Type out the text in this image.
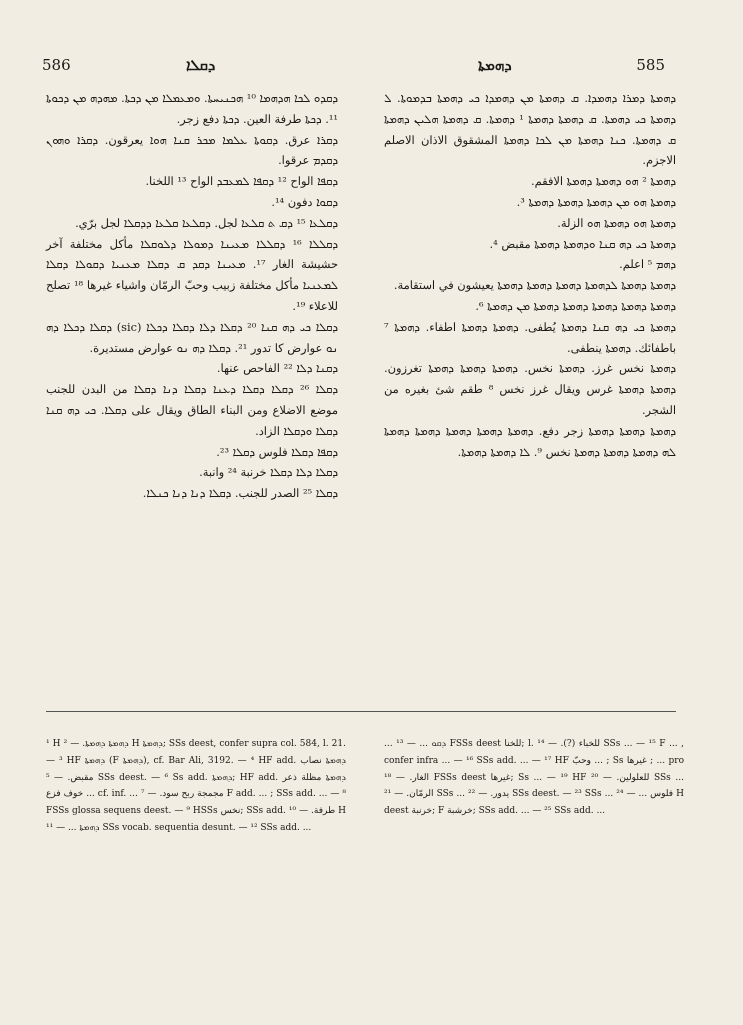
586	ܕܩܠܐ	ܕܗܡܬܐ	585

ܕܩܕܘ ܠܟܐ ܗܕܗܡܐ ¹⁰ ܗܟܢܝܚܬܐ. ܘܡܥܡܠܐ ܡܢ ܕܟܬܐ. ܡܗܕܗ ܡܢ ܕܟܘܬܐ ¹¹. ܕܟܬܐ طرفة العين. ܕܟܬܐ دفع زجر.

ܕܩܪܐ عرق. ܕܩܘܬܐ ܥܠܡܐ ܡܟܪ ܩܢܐ ܗܘܐ يعرقون. ܕܩܪܐ ܘܗܘܢ ܕܩܕܡ عرقوا.

ܕܩܦܐ الواح ¹² ܕܩܦܐ ܠܡܥܒܕ الواح ¹³ اللخنا.

ܕܩܘܐ دفون ¹⁴.

ܕܩܠܥܐ ¹⁵ ܕܩ ܬ ܩܠܥܐ لجل. ܕܩܠܥܐ ܩܠܥܐ ܕܕܩܠܐ لجل برّي.

ܕܩܠܠܐ ¹⁶ ܕܩܠܠܐ ܡܥܝܢܐ ܕܡܘܠܐ ܕܠܘܩܠܐ مأكل مختلفة آخر حشيشة الغار ¹⁷. ܡܥܝܢܐ ܕܩܕ ܩ ܕܩܠܐ ܡܥܢܝܐ ܕܩܘܠܐ ܕܩܠܐ ܠܡܥܢܝܐ مأكل مختلفة زبيب وحبّ الرمّان واشياء غيرها ¹⁸ تصلح للاعلاء ¹⁹.

ܕܩܠܐ ܟܝ ܕܗ ܩܢܐ ²⁰ ܕܩܠܐ ܕܠܐ ܕܩܠܐ ܕܟܠܐ (sic) ܕܩܠܐ ܕܟܠܐ ܕܗ ܢܘ عوارض كا تدور ²¹. ܕܩܠܐ ܕܗ ܢܘ عوارض مستديرة.

ܕܩܢܐ ܕܠܐ ²² الفاحص عنها.

ܕܩܠܐ ²⁶ ܕܩܠܐ ܕܩܠܐ ܕܥܢܐ ܕܩܠܐ ܕܢܐ ܕܩܠܐ من البدن للجنب موضع الاضلاع ومن البناء الطاق ويقال على ܕܩܠܐ. ܟܝ ܕܗ ܩܢܐ ܕܩܠܐ ܘܕܩܠܐ الزاد.

ܕܩܦܐ ܕܩܠܐ فلوس ܕܩܠܐ ²³.

ܕܩܠܐ ܕܠܐ ܕܩܠܐ خرنبة ²⁴ وانبة.

ܕܩܠܐ ²⁵ الصدر للجنب. ܕܩܠܐ ܕܢܐ ܕܢܐ ܟܢܠܐ.

ܕܗܡܬܐ ܕܡܪܐ ܕܗܡܕܐ. ܩ ܕܗܡܬܐ ܡܢ ܕܗܡܕܐ ܟܝ ܕܗܡܬܐ ܒܕܡܘܬܐ. ܠ ܕܗܡܬܐ ܟܝ ܕܗܡܬܐ. ܩ ܕܗܡܬܐ ܕܗܡܬܐ ¹ ܕܗܡܬܐ. ܩ ܕܗܡܬܐ ܗܠܝܢ ܕܗܡܬܐ ܩ ܕܗܡܬܐ. ܟܢܐ ܕܗܡܬܐ ܡܢ ܠܟܐ ܕܗܡܬܐ المشقوق الاذان الاصلم الاجزم.

ܕܗܡܬܐ ² ܗܘ ܕܗܡܬܐ ܕܗܡܬܐ الافقم.

ܕܗܡܬܐ ܗܘ ܡܢ ܕܗܡܬܐ ܕܗܡܬܐ ܕܗܡܬܐ ³.

ܕܗܡܬܐ ܗܘ ܕܗܡܬܐ ܗܘ الزلة.

ܕܗܡܬܐ ܟܝ ܕܗ ܩܢܐ ܘܕܗܡܬܐ ܕܗܡܬܐ مقبض ⁴.

ܕܗܡ ⁵ اعلم.

ܕܗܡܬܐ ܕܗܡܬܐ ܠܕܗܡܬܐ ܕܗܡܬܐ ܕܗܡܬܐ ܕܗܡܬܐ يعيشون في استقامة.

ܕܗܡܬܐ ܕܗܡܬܐ ܕܗܡܬܐ ܕܗܡܬܐ ܕܗܡܬܐ ܡܢ ܕܗܡܬܐ ⁶.

ܕܗܡܬܐ ܟܝ ܕܗ ܩܢܐ ܕܗܡܬܐ يُطفى. ܕܗܡܬܐ ܕܗܡܬܐ اطفاء. ܕܗܡܬܐ ⁷ باطفائك. ܕܗܡܬܐ ينطفى.

ܕܗܡܬܐ نخس غرز. ܕܗܡܬܐ نخس. ܕܗܡܬܐ ܕܗܡܬܐ ܕܗܡܬܐ تغرزون. ܕܗܡܬܐ ܕܗܡܬܐ غرس ويقال غرز نخس ⁸ طقم شئ بغيره من الشجر.

ܕܗܡܬܐ ܕܗܡܬܐ ܕܗܡܬܐ زجر دفع. ܕܗܡܬܐ ܕܗܡܬܐ ܕܗܡܬܐ ܕܗܡܬܐ ܕܗܡܬܐ ܠܗ ܕܗܡܬܐ ܕܗܡܬܐ ܕܗܡܬܐ نخس ⁹. ܠܐ ܕܗܡܬܐ ܕܗܡܬܐ.

¹ H ܕܗܡܬܐ ܕܗܡܬܐ. — ² H ܕܗܡܬܐ; SSs deest, confer supra col. 584, l. 21. — ³ HF ܕܗܡܬܐ (F ܕܗܡܬܐ), cf. Bar Ali, 3192. — ⁴ HF add. ܕܗܡܬܐ نصاب مقبض. — ⁵ SSs deest. — ⁶ Ss add. ܕܗܡܬܐ; HF add. ܕܗܡܬܐ مظلة ذعر خوف فزع ... cf. inf. ... مجمجة ربح سود. — ⁷ F add. ... ; SSs add. ... — ⁸ FSSs glossa sequens deest. — ⁹ HSSs نخس; SSs add. طرفة. — ¹⁰ H ܕܗܡܬܐ ... — ¹¹ SSs vocab. sequentia desunt. — ¹² SSs add. ...

... ܕܩܘ ... — ¹³ FSSs deest للخنا; l. للخباء (?). — ¹⁴ SSs ... — ¹⁵ F ... , confer infra ... — ¹⁶ SSs add. ... — ¹⁷ HF وحبّ ... ; Ss غيرها ; ... pro الغار. — ¹⁸ FSSs deest غيرها; Ss ... — ¹⁹ HF للعلولين. — ²⁰ SSs ... الرمّان. — ²¹ SSs ... يدور. — ²² SSs deest. — ²³ SSs ... فلوس ... — ²⁴ H deest خرنبة; F خرشبة; SSs add. ... — ²⁵ SSs add. ...
